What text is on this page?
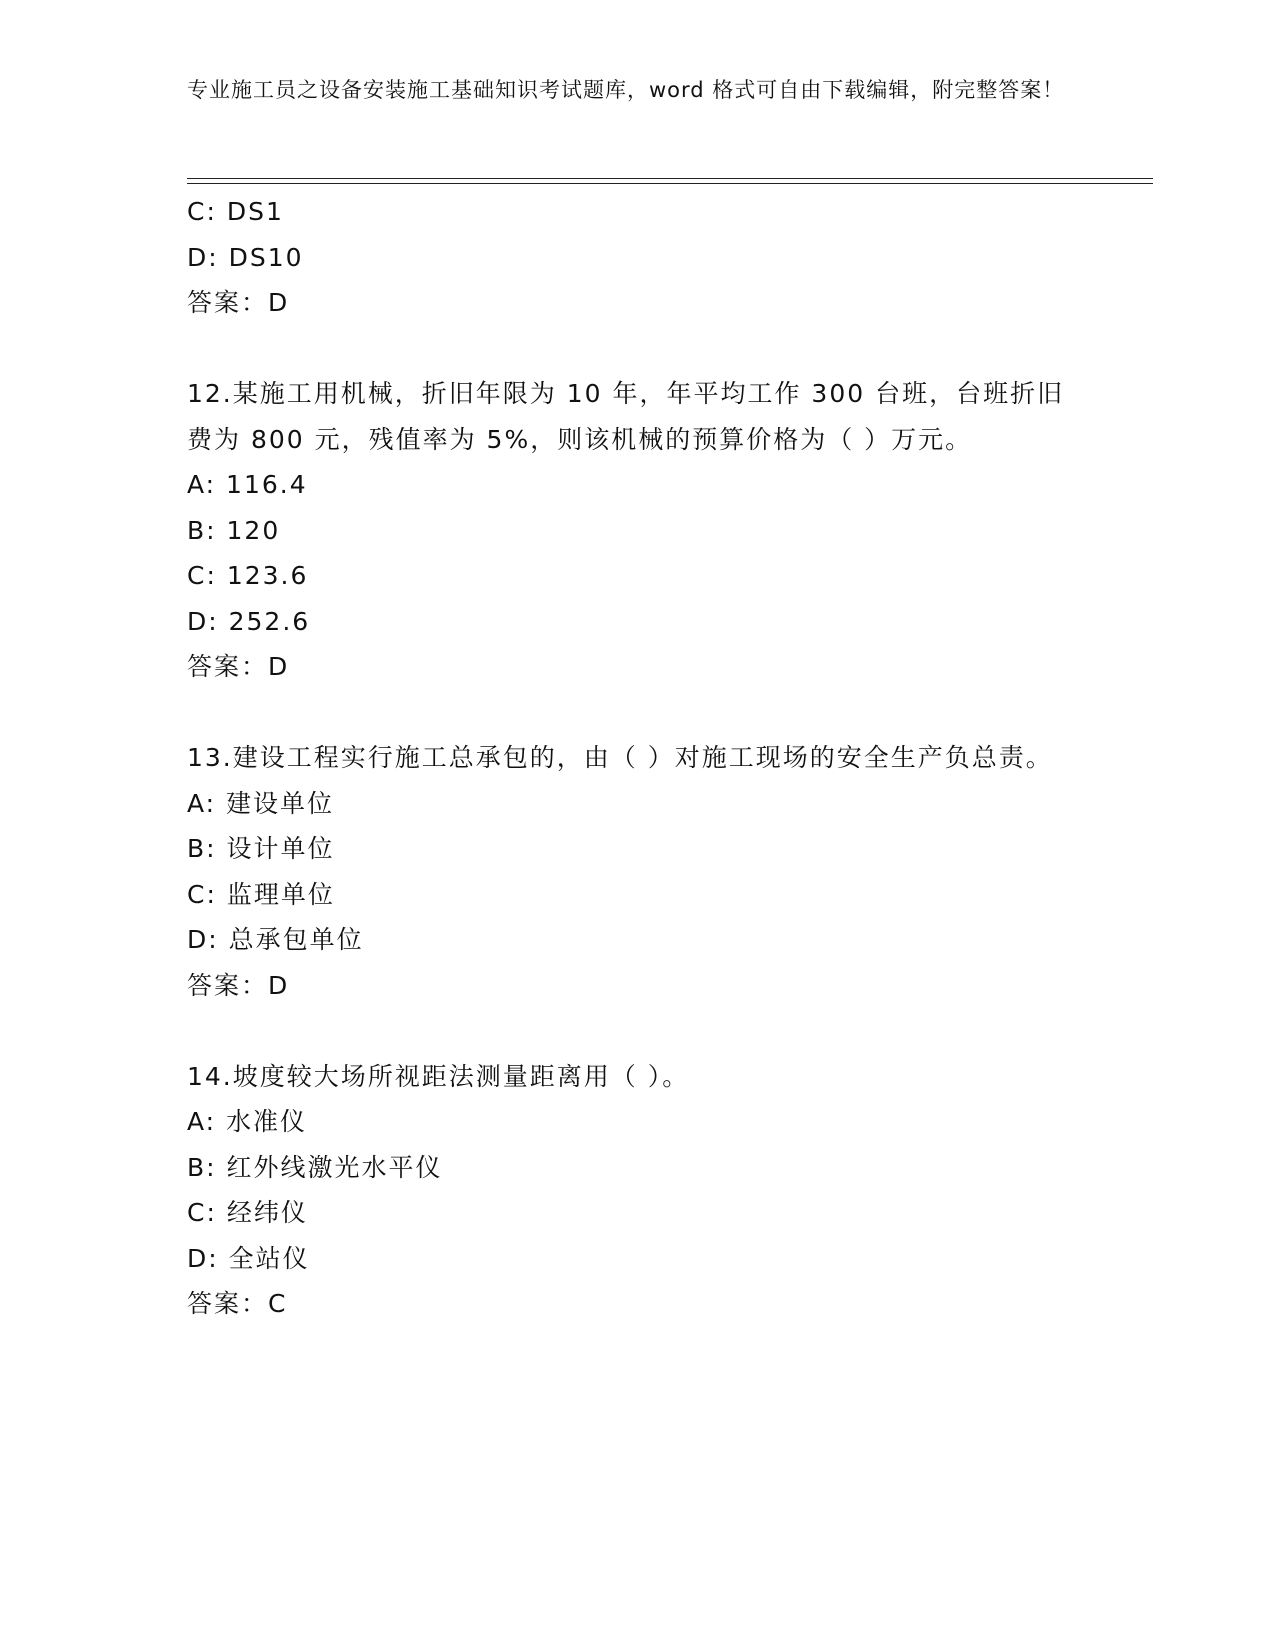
专业施工员之设备安装施工基础知识考试题库，word 格式可自由下载编辑，附完整答案！
C: DS1
D: DS10
答案：D
12.某施工用机械，折旧年限为 10 年，年平均工作 300 台班，台班折旧费为 800 元，残值率为 5%，则该机械的预算价格为（ ）万元。
A: 116.4
B: 120
C: 123.6
D: 252.6
答案：D
13.建设工程实行施工总承包的，由（ ）对施工现场的安全生产负总责。
A: 建设单位
B: 设计单位
C: 监理单位
D: 总承包单位
答案：D
14.坡度较大场所视距法测量距离用（ ）。
A: 水准仪
B: 红外线激光水平仪
C: 经纬仪
D: 全站仪
答案：C
